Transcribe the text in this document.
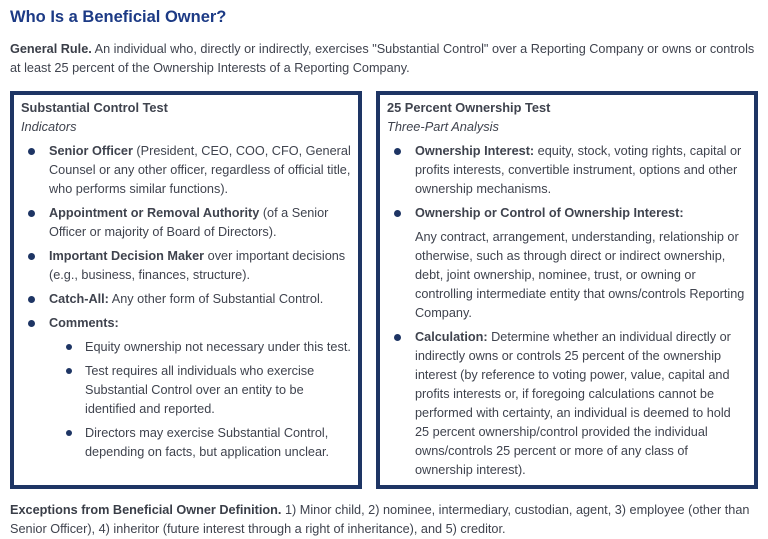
Who Is a Beneficial Owner?

General Rule. An individual who, directly or indirectly, exercises "Substantial Control" over a Reporting Company or owns or controls at least 25 percent of the Ownership Interests of a Reporting Company.

Substantial Control Test
Indicators
Senior Officer (President, CEO, COO, CFO, General Counsel or any other officer, regardless of official title, who performs similar functions).
Appointment or Removal Authority (of a Senior Officer or majority of Board of Directors).
Important Decision Maker over important decisions (e.g., business, finances, structure).
Catch-All: Any other form of Substantial Control.
Comments:
Equity ownership not necessary under this test.
Test requires all individuals who exercise Substantial Control over an entity to be identified and reported.
Directors may exercise Substantial Control, depending on facts, but application unclear.
25 Percent Ownership Test
Three-Part Analysis
Ownership Interest: equity, stock, voting rights, capital or profits interests, convertible instrument, options and other ownership mechanisms.
Ownership or Control of Ownership Interest:
Any contract, arrangement, understanding, relationship or otherwise, such as through direct or indirect ownership, debt, joint ownership, nominee, trust, or owning or controlling intermediate entity that owns/controls Reporting Company.
Calculation: Determine whether an individual directly or indirectly owns or controls 25 percent of the ownership interest (by reference to voting power, value, capital and profits interests or, if foregoing calculations cannot be performed with certainty, an individual is deemed to hold 25 percent ownership/control provided the individual owns/controls 25 percent or more of any class of ownership interest).

Exceptions from Beneficial Owner Definition. 1) Minor child, 2) nominee, intermediary, custodian, agent, 3) employee (other than Senior Officer), 4) inheritor (future interest through a right of inheritance), and 5) creditor.
